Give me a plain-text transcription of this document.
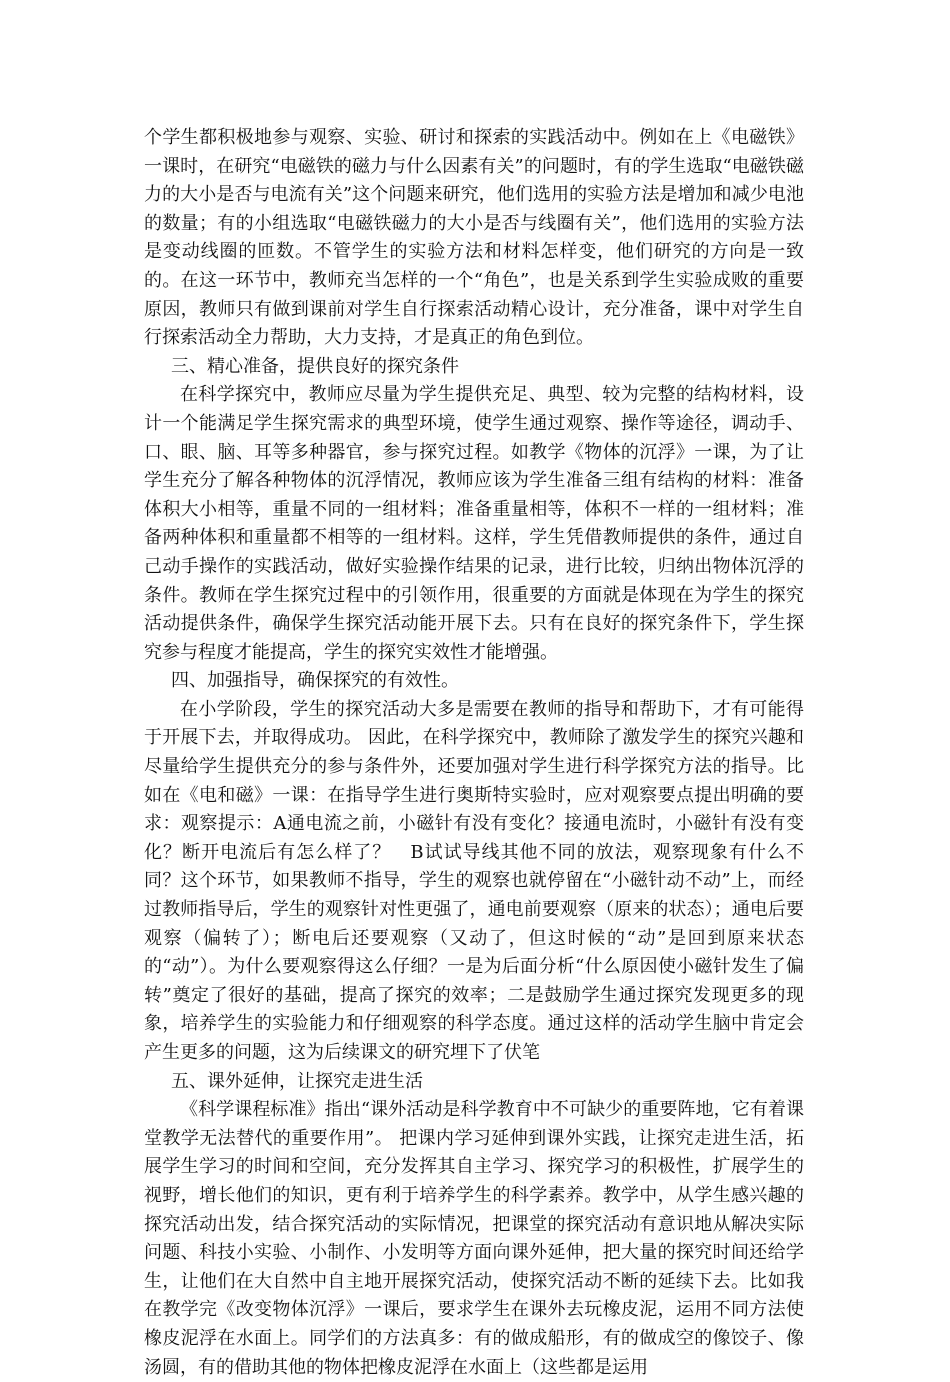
个学生都积极地参与观察、实验、研讨和探索的实践活动中。例如在上《电磁铁》一课时，在研究“电磁铁的磁力与什么因素有关”的问题时，有的学生选取“电磁铁磁力的大小是否与电流有关”这个问题来研究，他们选用的实验方法是增加和减少电池的数量；有的小组选取“电磁铁磁力的大小是否与线圈有关”，他们选用的实验方法是变动线圈的匝数。不管学生的实验方法和材料怎样变，他们研究的方向是一致的。在这一环节中，教师充当怎样的一个“角色”，也是关系到学生实验成败的重要原因，教师只有做到课前对学生自行探索活动精心设计，充分准备，课中对学生自行探索活动全力帮助，大力支持，才是真正的角色到位。

三、精心准备，提供良好的探究条件

在科学探究中，教师应尽量为学生提供充足、典型、较为完整的结构材料，设计一个能满足学生探究需求的典型环境，使学生通过观察、操作等途径，调动手、口、眼、脑、耳等多种器官，参与探究过程。如教学《物体的沉浮》一课，为了让学生充分了解各种物体的沉浮情况，教师应该为学生准备三组有结构的材料：准备体积大小相等，重量不同的一组材料；准备重量相等，体积不一样的一组材料；准备两种体积和重量都不相等的一组材料。这样，学生凭借教师提供的条件，通过自己动手操作的实践活动，做好实验操作结果的记录，进行比较，归纳出物体沉浮的条件。教师在学生探究过程中的引领作用，很重要的方面就是体现在为学生的探究活动提供条件，确保学生探究活动能开展下去。只有在良好的探究条件下，学生探究参与程度才能提高，学生的探究实效性才能增强。

四、加强指导，确保探究的有效性。

在小学阶段，学生的探究活动大多是需要在教师的指导和帮助下，才有可能得于开展下去，并取得成功。 因此，在科学探究中，教师除了激发学生的探究兴趣和尽量给学生提供充分的参与条件外，还要加强对学生进行科学探究方法的指导。比如在《电和磁》一课：在指导学生进行奥斯特实验时，应对观察要点提出明确的要求：观察提示：A通电流之前，小磁针有没有变化？接通电流时，小磁针有没有变化？断开电流后有怎么样了？　B试试导线其他不同的放法，观察现象有什么不同？这个环节，如果教师不指导，学生的观察也就停留在“小磁针动不动”上，而经过教师指导后，学生的观察针对性更强了，通电前要观察（原来的状态）；通电后要观察（偏转了）；断电后还要观察（又动了，但这时候的“动”是回到原来状态的“动”）。为什么要观察得这么仔细？一是为后面分析“什么原因使小磁针发生了偏转”奠定了很好的基础，提高了探究的效率；二是鼓励学生通过探究发现更多的现象，培养学生的实验能力和仔细观察的科学态度。通过这样的活动学生脑中肯定会产生更多的问题，这为后续课文的研究埋下了伏笔

五、课外延伸，让探究走进生活

《科学课程标准》指出“课外活动是科学教育中不可缺少的重要阵地，它有着课堂教学无法替代的重要作用”。 把课内学习延伸到课外实践，让探究走进生活，拓展学生学习的时间和空间，充分发挥其自主学习、探究学习的积极性，扩展学生的视野，增长他们的知识，更有利于培养学生的科学素养。教学中，从学生感兴趣的探究活动出发，结合探究活动的实际情况，把课堂的探究活动有意识地从解决实际问题、科技小实验、小制作、小发明等方面向课外延伸，把大量的探究时间还给学生，让他们在大自然中自主地开展探究活动，使探究活动不断的延续下去。比如我在教学完《改变物体沉浮》一课后，要求学生在课外去玩橡皮泥，运用不同方法使橡皮泥浮在水面上。同学们的方法真多：有的做成船形，有的做成空的像饺子、像汤圆，有的借助其他的物体把橡皮泥浮在水面上（这些都是运用
